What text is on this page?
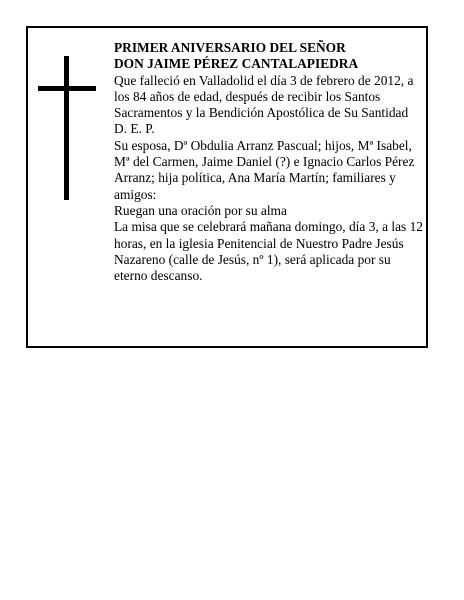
PRIMER ANIVERSARIO DEL SEÑOR
DON JAIME PÉREZ CANTALAPIEDRA
Que falleció en Valladolid el día 3 de febrero de 2012, a los 84 años de edad, después de recibir los Santos Sacramentos y la Bendición Apostólica de Su Santidad D. E. P.
Su esposa, Dª Obdulia Arranz Pascual; hijos, Mª Isabel, Mª del Carmen, Jaime Daniel (?) e Ignacio Carlos Pérez Arranz; hija política, Ana María Martín; familiares y amigos:
Ruegan una oración por su alma
La misa que se celebrará mañana domingo, día 3, a las 12 horas, en la iglesia Penitencial de Nuestro Padre Jesús Nazareno (calle de Jesús, nº 1), será aplicada por su eterno descanso.
